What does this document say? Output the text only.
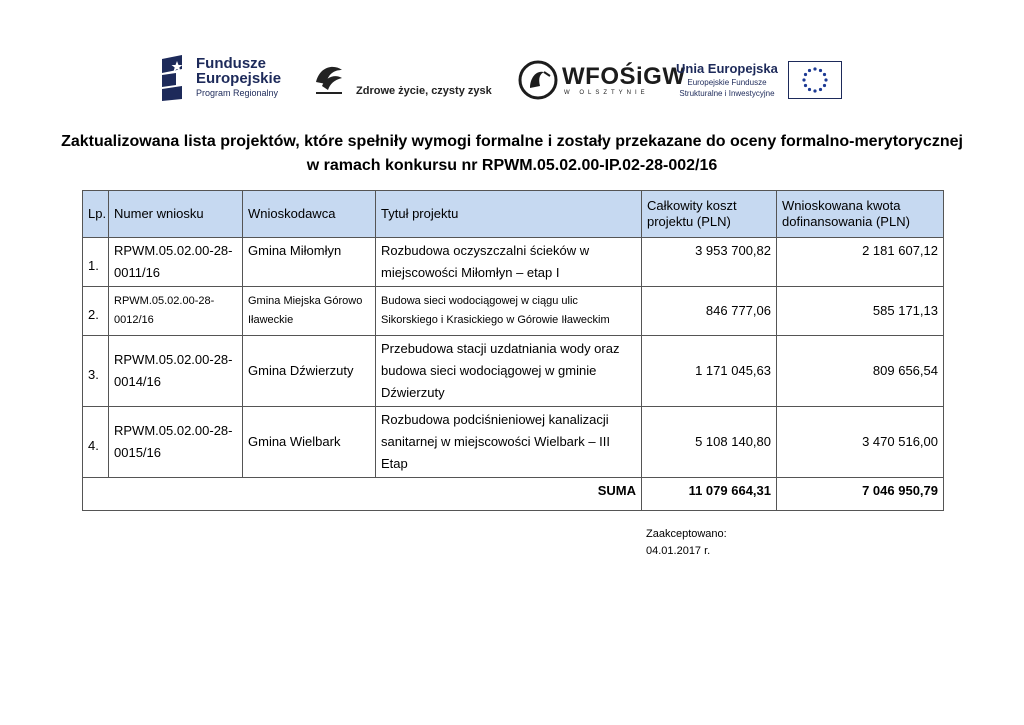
Fundusze
Europejskie
Program Regionalny	Zdrowe życie, czysty zysk
WFOŚiGW
W OLSZTYNIE
Unia Europejska
Europejskie Fundusze
Strukturalne i Inwestycyjne
Zaktualizowana lista projektów, które spełniły wymogi formalne i zostały przekazane do oceny formalno-merytorycznej
w ramach konkursu nr RPWM.05.02.00-IP.02-28-002/16
Lp.	Numer wniosku	Wnioskodawca	Tytuł projektu	Całkowity koszt projektu (PLN)	Wnioskowana kwota dofinansowania (PLN)
1.	RPWM.05.02.00-28-0011/16	Gmina Miłomłyn	Rozbudowa oczyszczalni ścieków w miejscowości Miłomłyn – etap I	3 953 700,82	2 181 607,12
2.	RPWM.05.02.00-28-0012/16	Gmina Miejska Górowo Iławeckie	Budowa sieci wodociągowej w ciągu ulic Sikorskiego i Krasickiego w Górowie Iławeckim	846 777,06	585 171,13
3.	RPWM.05.02.00-28-0014/16	Gmina Dźwierzuty	Przebudowa stacji uzdatniania wody oraz budowa sieci wodociągowej w gminie Dźwierzuty	1 171 045,63	809 656,54
4.	RPWM.05.02.00-28-0015/16	Gmina Wielbark	Rozbudowa podciśnieniowej kanalizacji sanitarnej w miejscowości Wielbark – III Etap	5 108 140,80	3 470 516,00
SUMA				11 079 664,31	7 046 950,79
Zaakceptowano:
04.01.2017 r.
